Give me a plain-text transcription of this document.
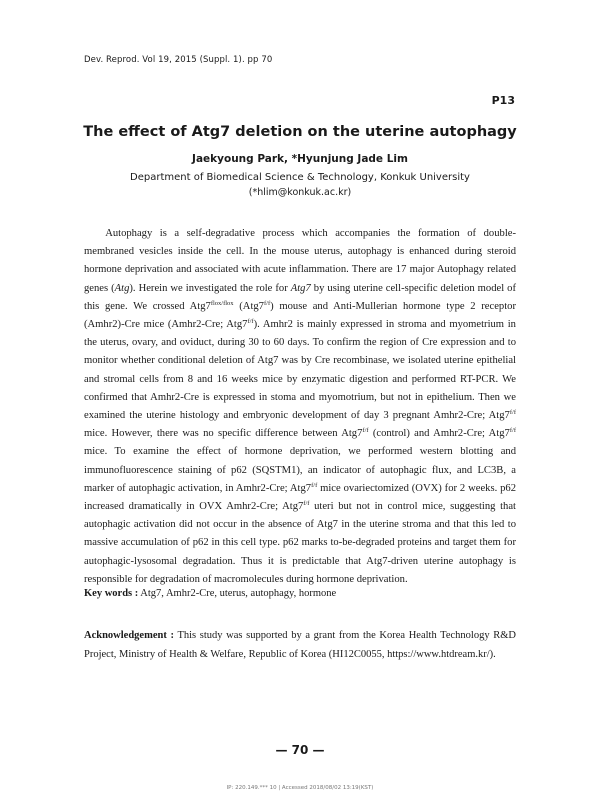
Dev. Reprod. Vol 19, 2015 (Suppl. 1). pp 70
P13
The effect of Atg7 deletion on the uterine autophagy
Jaekyoung Park, *Hyunjung Jade Lim
Department of Biomedical Science & Technology, Konkuk University
(*hlim@konkuk.ac.kr)

Autophagy is a self-degradative process which accompanies the formation of double-membraned vesicles inside the cell. In the mouse uterus, autophagy is enhanced during steroid hormone deprivation and associated with acute inflammation. There are 17 major Autophagy related genes (Atg). Herein we investigated the role for Atg7 by using uterine cell-specific deletion model of this gene. We crossed $Atg7^{flox/flox}$ $(Atg7^{f/f})$ mouse and Anti-Mullerian hormone type 2 receptor (Amhr2)-Cre mice (Amhr2-Cre; $Atg7^{f/f}$). Amhr2 is mainly expressed in stroma and myometrium in the uterus, ovary, and oviduct, during 30 to 60 days. To confirm the region of Cre expression and to monitor whether conditional deletion of Atg7 was by Cre recombinase, we isolated uterine epithelial and stromal cells from 8 and 16 weeks mice by enzymatic digestion and performed RT-PCR. We confirmed that Amhr2-Cre is expressed in stoma and myomotrium, but not in epithelium. Then we examined the uterine histology and embryonic development of day 3 pregnant Amhr2-Cre; $Atg7^{f/f}$ mice. However, there was no specific difference between $Atg7^{f/f}$ (control) and Amhr2-Cre; $Atg7^{f/f}$ mice. To examine the effect of hormone deprivation, we performed western blotting and immunofluorescence staining of p62 (SQSTM1), an indicator of autophagic flux, and LC3B, a marker of autophagic activation, in Amhr2-Cre; $Atg7^{f/f}$ mice ovariectomized (OVX) for 2 weeks. p62 increased dramatically in OVX Amhr2-Cre; $Atg7^{f/f}$ uteri but not in control mice, suggesting that autophagic activation did not occur in the absence of Atg7 in the uterine stroma and that this led to massive accumulation of p62 in this cell type. p62 marks to-be-degraded proteins and target them for autophagic-lysosomal degradation. Thus it is predictable that Atg7-driven uterine autophagy is responsible for degradation of macromolecules during hormone deprivation.

Key words : Atg7, Amhr2-Cre, uterus, autophagy, hormone

Acknowledgement : This study was supported by a grant from the Korea Health Technology R&D Project, Ministry of Health & Welfare, Republic of Korea (HI12C0055, https://www.htdream.kr/).

— 70 —
IP: 220.149.*** 10 | Accessed 2018/08/02 13:19(KST)
